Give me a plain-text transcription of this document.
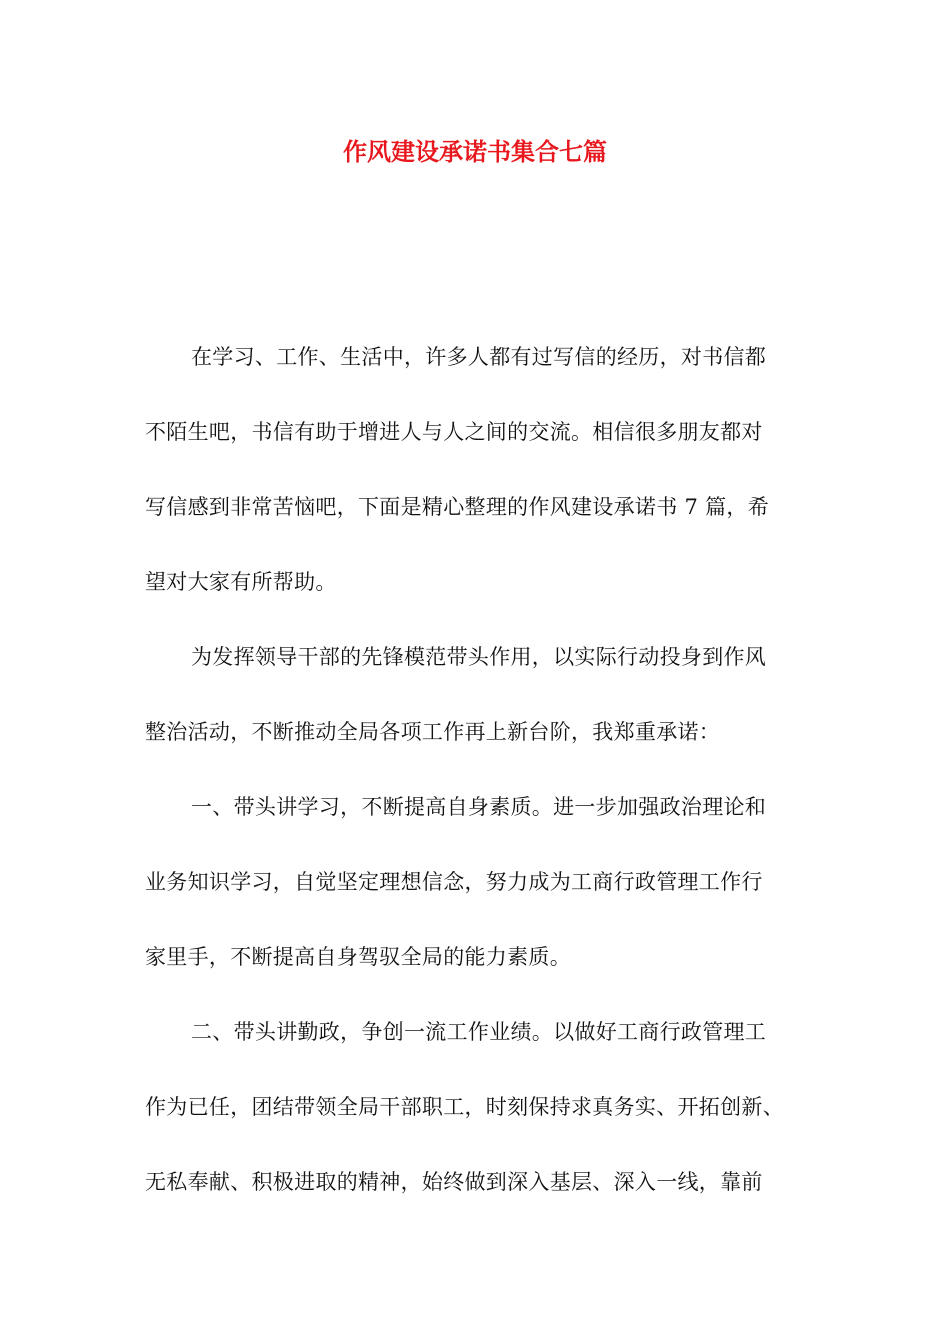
作风建设承诺书集合七篇
在学习、工作、生活中，许多人都有过写信的经历，对书信都
不陌生吧，书信有助于增进人与人之间的交流。相信很多朋友都对
写信感到非常苦恼吧，下面是精心整理的作风建设承诺书 7 篇，希
望对大家有所帮助。
为发挥领导干部的先锋模范带头作用，以实际行动投身到作风
整治活动，不断推动全局各项工作再上新台阶，我郑重承诺：
一、带头讲学习，不断提高自身素质。进一步加强政治理论和
业务知识学习，自觉坚定理想信念，努力成为工商行政管理工作行
家里手，不断提高自身驾驭全局的能力素质。
二、带头讲勤政，争创一流工作业绩。以做好工商行政管理工
作为已任，团结带领全局干部职工，时刻保持求真务实、开拓创新、
无私奉献、积极进取的精神，始终做到深入基层、深入一线，靠前
